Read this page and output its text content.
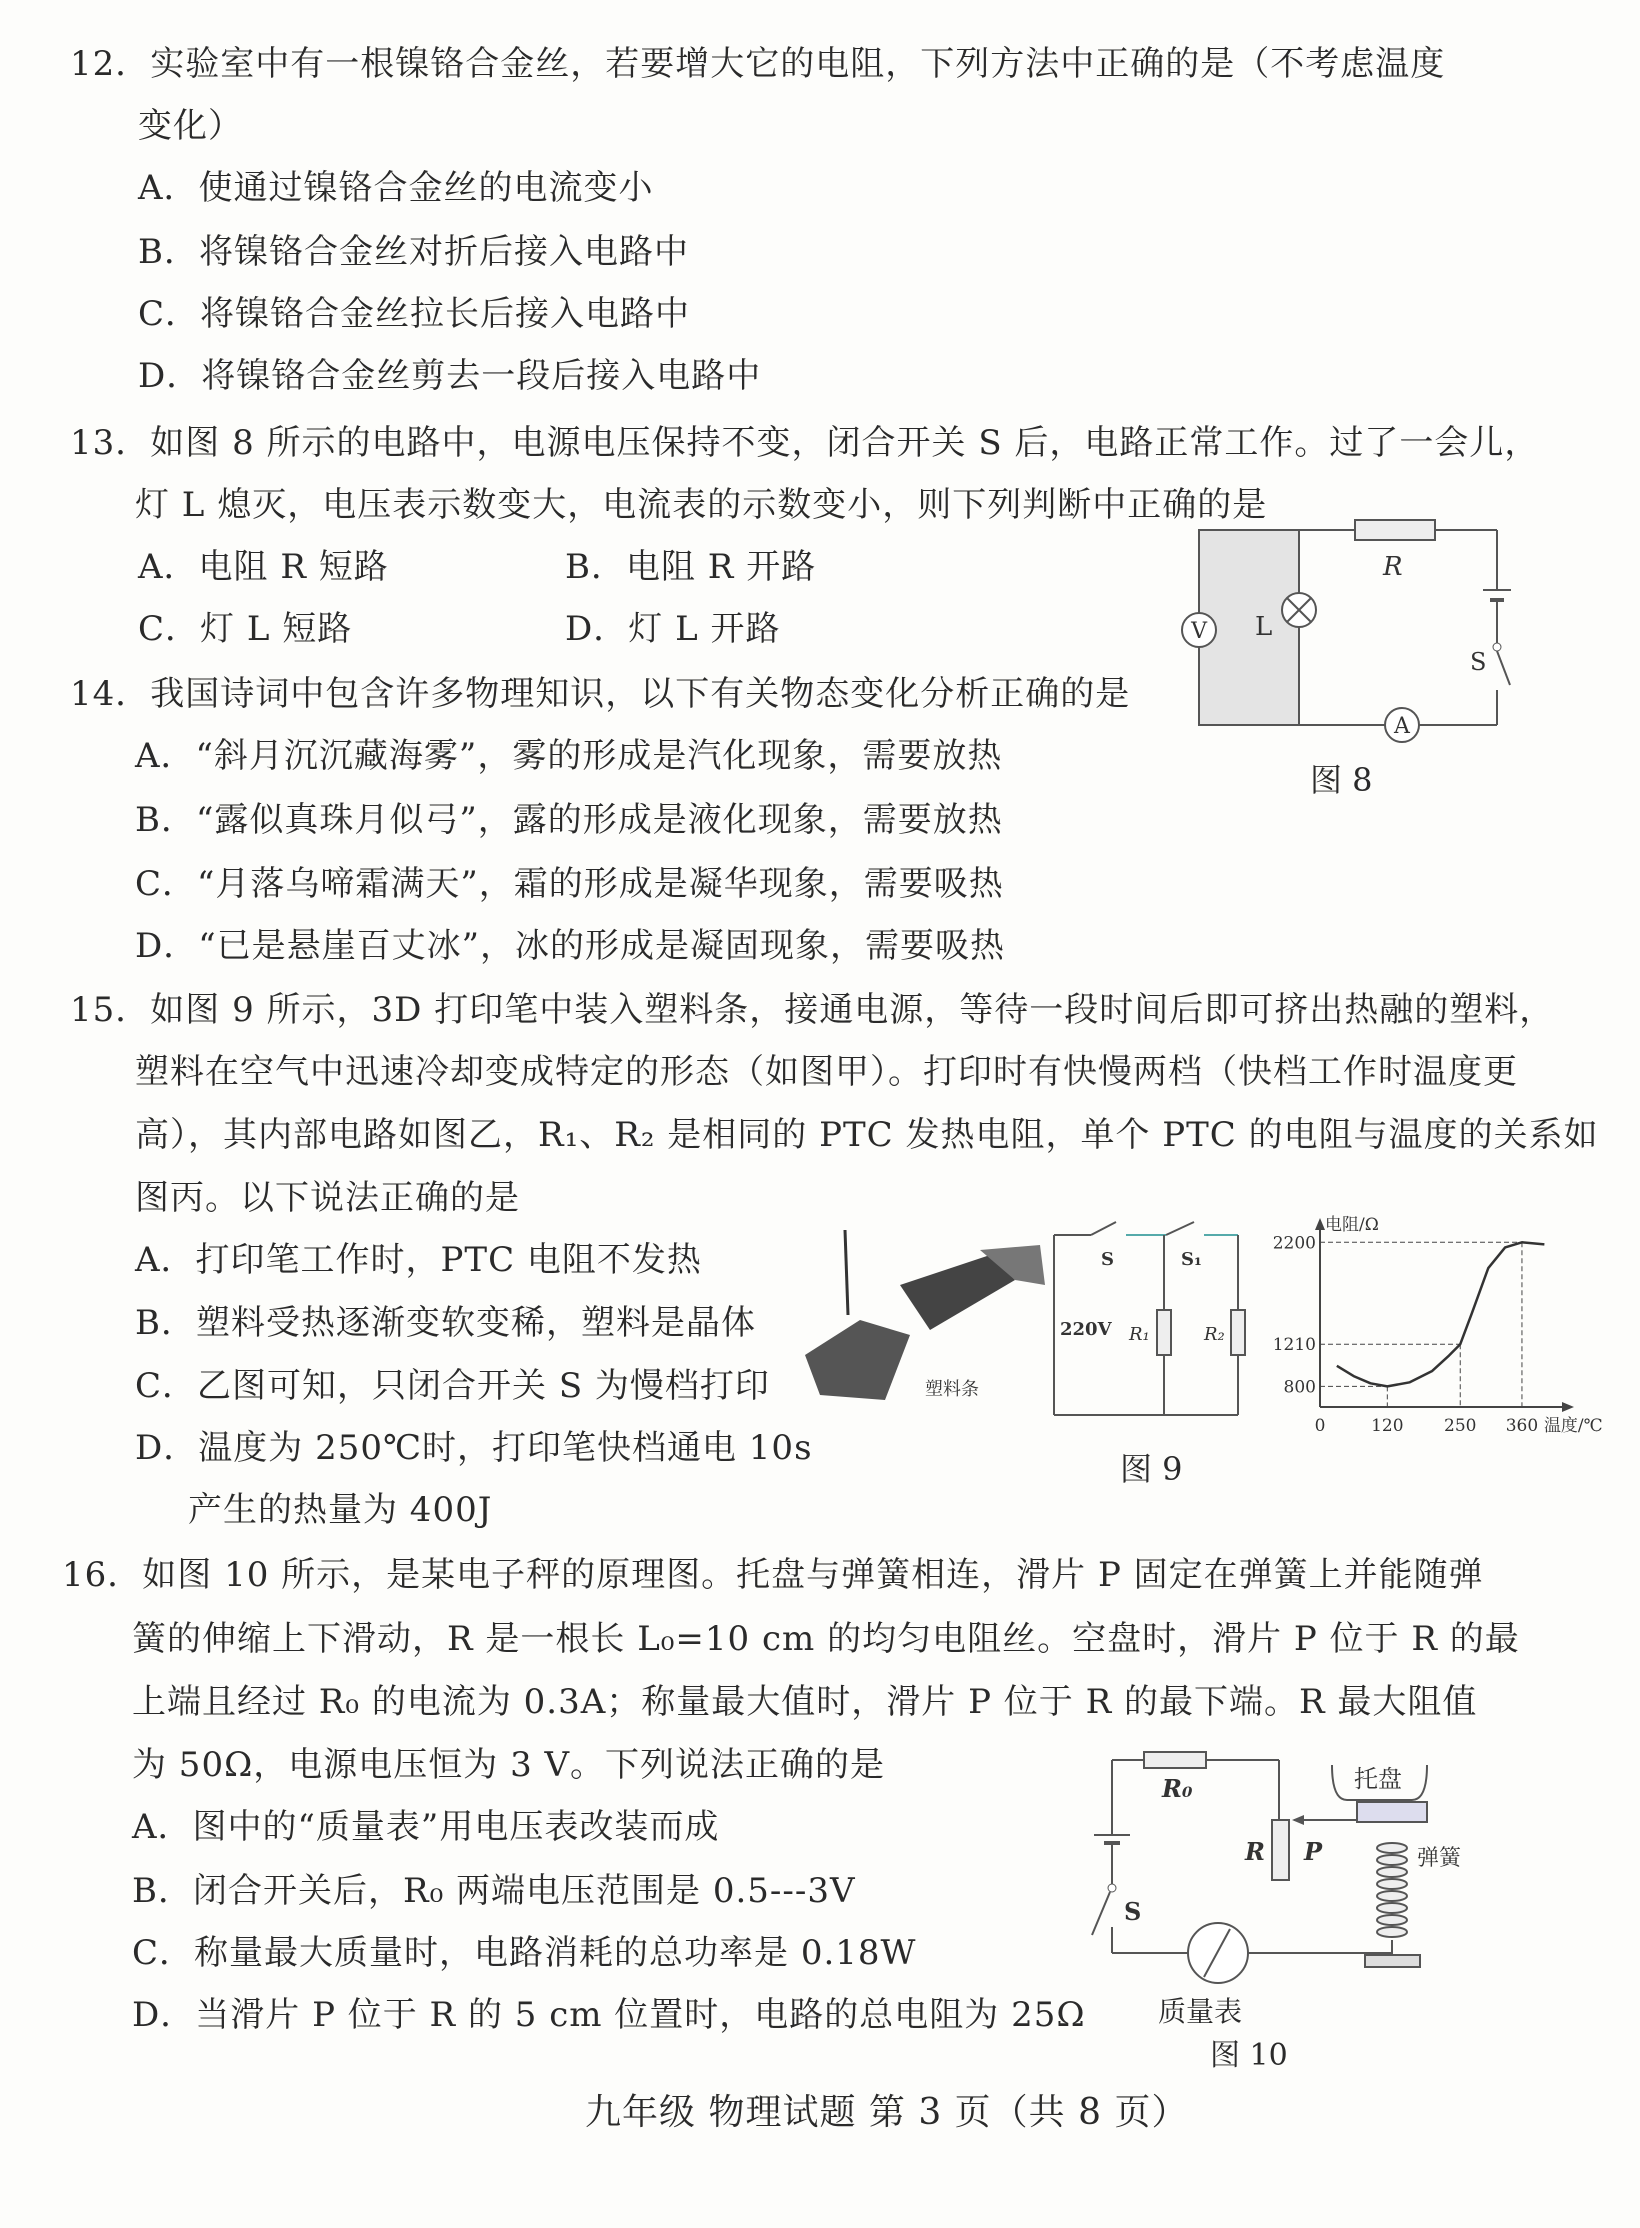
12．实验室中有一根镍铬合金丝，若要增大它的电阻，下列方法中正确的是（不考虑温度
变化）
A．使通过镍铬合金丝的电流变小
B．将镍铬合金丝对折后接入电路中
C．将镍铬合金丝拉长后接入电路中
D．将镍铬合金丝剪去一段后接入电路中
13．如图 8 所示的电路中，电源电压保持不变，闭合开关 S 后，电路正常工作。过了一会儿，
灯 L 熄灭，电压表示数变大，电流表的示数变小，则下列判断中正确的是
A．电阻 R 短路	B．电阻 R 开路
C．灯 L 短路	D．灯 L 开路
14．我国诗词中包含许多物理知识，以下有关物态变化分析正确的是
A．“斜月沉沉藏海雾”，雾的形成是汽化现象，需要放热
B．“露似真珠月似弓”，露的形成是液化现象，需要放热
C．“月落乌啼霜满天”，霜的形成是凝华现象，需要吸热
D．“已是悬崖百丈冰”，冰的形成是凝固现象，需要吸热
15．如图 9 所示，3D 打印笔中装入塑料条，接通电源，等待一段时间后即可挤出热融的塑料，
塑料在空气中迅速冷却变成特定的形态（如图甲）。打印时有快慢两档（快档工作时温度更
高），其内部电路如图乙，R₁、R₂ 是相同的 PTC 发热电阻，单个 PTC 的电阻与温度的关系如
图丙。以下说法正确的是
A．打印笔工作时，PTC 电阻不发热
B．塑料受热逐渐变软变稀，塑料是晶体
C．乙图可知，只闭合开关 S 为慢档打印
D．温度为 250℃时，打印笔快档通电 10s
产生的热量为 400J
16．如图 10 所示，是某电子秤的原理图。托盘与弹簧相连，滑片 P 固定在弹簧上并能随弹
簧的伸缩上下滑动，R 是一根长 L₀=10 cm 的均匀电阻丝。空盘时，滑片 P 位于 R 的最
上端且经过 R₀ 的电流为 0.3A；称量最大值时，滑片 P 位于 R 的最下端。R 最大阻值
为 50Ω，电源电压恒为 3 V。下列说法正确的是
A．图中的“质量表”用电压表改装而成
B．闭合开关后，R₀ 两端电压范围是 0.5---3V
C．称量最大质量时，电路消耗的总功率是 0.18W
D．当滑片 P 位于 R 的 5 cm 位置时，电路的总电阻为 25Ω
V L
R
S
A
图 8
塑料条
S	S₁
220V R₁	R₂
800
1210
2200
0	120 250 360
电阻/Ω
温度/℃
图 9
R₀
R P
S
托盘
弹簧
质量表
图 10
九年级 物理试题 第 3 页（共 8 页）
